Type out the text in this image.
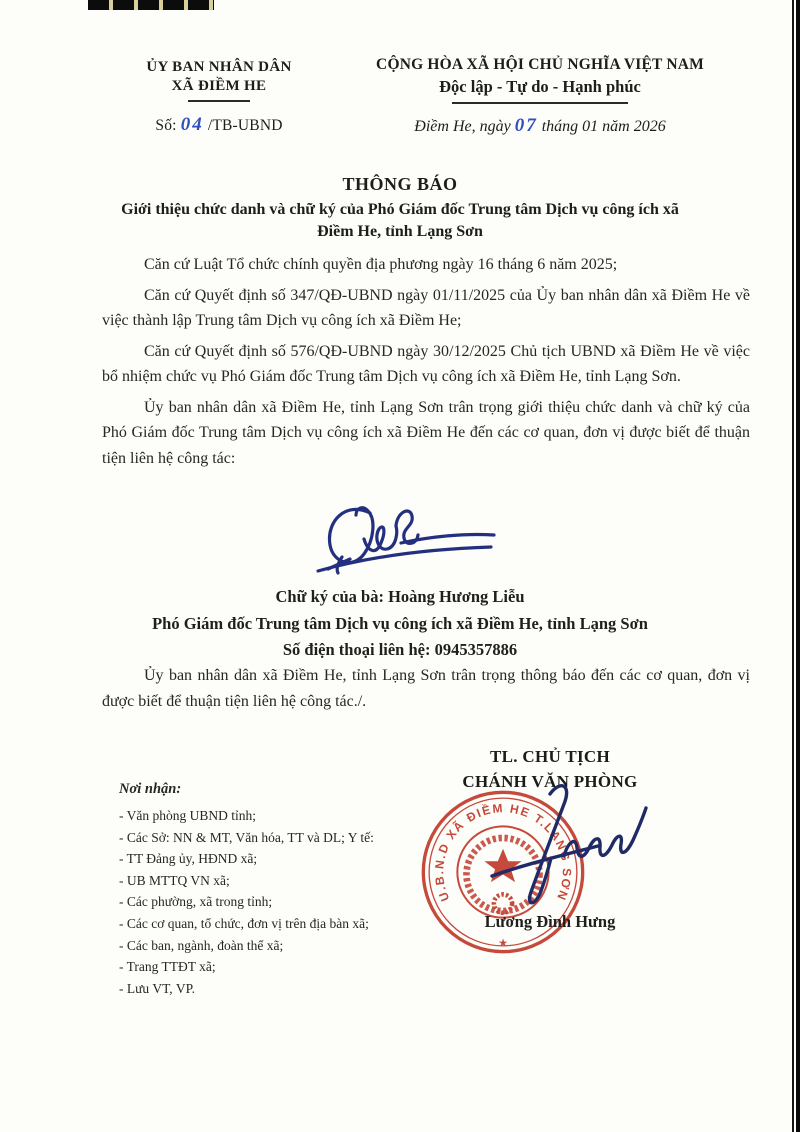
ỦY BAN NHÂN DÂN
XÃ ĐIỀM HE
Số: 04 /TB-UBND
CỘNG HÒA XÃ HỘI CHỦ NGHĨA VIỆT NAM
Độc lập - Tự do - Hạnh phúc
Điềm He, ngày 07 tháng 01 năm 2026
THÔNG BÁO
Giới thiệu chức danh và chữ ký của Phó Giám đốc Trung tâm Dịch vụ công ích xã Điềm He, tỉnh Lạng Sơn

Căn cứ Luật Tổ chức chính quyền địa phương ngày 16 tháng 6 năm 2025;

Căn cứ Quyết định số 347/QĐ-UBND ngày 01/11/2025 của Ủy ban nhân dân xã Điềm He về việc thành lập Trung tâm Dịch vụ công ích xã Điềm He;

Căn cứ Quyết định số 576/QĐ-UBND ngày 30/12/2025 Chủ tịch UBND xã Điềm He về việc bổ nhiệm chức vụ Phó Giám đốc Trung tâm Dịch vụ công ích xã Điềm He, tỉnh Lạng Sơn.

Ủy ban nhân dân xã Điềm He, tỉnh Lạng Sơn trân trọng giới thiệu chức danh và chữ ký của Phó Giám đốc Trung tâm Dịch vụ công ích xã Điềm He đến các cơ quan, đơn vị được biết để thuận tiện liên hệ công tác:

Chữ ký của bà: Hoàng Hương Liễu
Phó Giám đốc Trung tâm Dịch vụ công ích xã Điềm He, tỉnh Lạng Sơn
Số điện thoại liên hệ: 0945357886
Ủy ban nhân dân xã Điềm He, tỉnh Lạng Sơn trân trọng thông báo đến các cơ quan, đơn vị được biết để thuận tiện liên hệ công tác./.
TL. CHỦ TỊCH
CHÁNH VĂN PHÒNG
U.B.N.D XÃ ĐIỀM HE T.LẠNG SƠN
★
Lương Đình Hưng
Nơi nhận:
- Văn phòng UBND tỉnh;
- Các Sở: NN & MT, Văn hóa, TT và DL; Y tế:
- TT Đảng ủy, HĐND xã;
- UB MTTQ VN xã;
- Các phường, xã trong tỉnh;
- Các cơ quan, tổ chức, đơn vị trên địa bàn xã;
- Các ban, ngành, đoàn thể xã;
- Trang TTĐT xã;
- Lưu VT, VP.
